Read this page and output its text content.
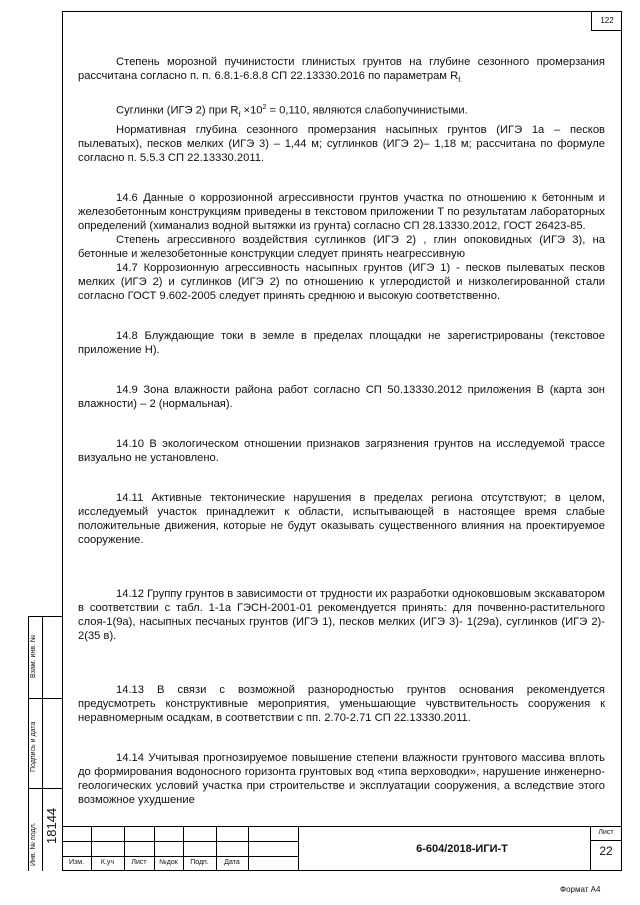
122

Степень морозной пучинистости глинистых грунтов на глубине сезонного промерзания рассчитана согласно п. п. 6.8.1-6.8.8 СП 22.13330.2016 по параметрам $R_{f.}$

Суглинки (ИГЭ 2) при $R_f \times 10^2 = 0,110$, являются слабопучинистыми.

Нормативная глубина сезонного промерзания насыпных грунтов (ИГЭ 1а – песков пылеватых), песков мелких (ИГЭ 3) – 1,44 м; суглинков (ИГЭ 2)– 1,18 м; рассчитана по формуле согласно п. 5.5.3 СП 22.13330.2011.

14.6 Данные о коррозионной агрессивности грунтов участка по отношению к бетонным и железобетонным конструкциям приведены в текстовом приложении Т по результатам лабораторных определений (химанализ водной вытяжки из грунта) согласно СП 28.13330.2012, ГОСТ 26423-85.

Степень агрессивного воздействия суглинков (ИГЭ 2) , глин опоковидных (ИГЭ 3), на бетонные и железобетонные конструкции следует принять неагрессивную

14.7 Коррозионную агрессивность насыпных грунтов (ИГЭ 1) - песков пылеватых песков мелких (ИГЭ 2) и суглинков (ИГЭ 2) по отношению к углеродистой и низколегированной стали согласно ГОСТ 9.602-2005 следует принять среднюю и высокую соответственно.

14.8 Блуждающие токи в земле в пределах площадки не зарегистрированы (текстовое приложение Н).

14.9 Зона влажности района работ согласно СП 50.13330.2012 приложения В (карта зон влажности) – 2 (нормальная).

14.10 В экологическом отношении признаков загрязнения грунтов на исследуемой трассе визуально не установлено.

14.11 Активные тектонические нарушения в пределах региона отсутствуют; в целом, исследуемый участок принадлежит к области, испытывающей в настоящее время слабые положительные движения, которые не будут оказывать существенного влияния на проектируемое сооружение.

14.12 Группу грунтов в зависимости от трудности их разработки одноковшовым экскаватором в соответствии с табл. 1-1а ГЭСН-2001-01 рекомендуется принять: для почвенно-растительного слоя-1(9а), насыпных песчаных грунтов (ИГЭ 1), песков мелких (ИГЭ 3)- 1(29а), суглинков (ИГЭ 2)- 2(35 в).

14.13 В связи с возможной разнородностью грунтов основания рекомендуется предусмотреть конструктивные мероприятия, уменьшающие чувствительность сооружения к неравномерным осадкам, в соответствии с пп. 2.70-2.71 СП 22.13330.2011.

14.14 Учитывая прогнозируемое повышение степени влажности грунтового массива вплоть до формирования водоносного горизонта грунтовых вод «типа верховодки», нарушение инженерно-геологических условий участка при строительстве и эксплуатации сооружения, а вследствие этого возможное ухудшение

Взам. инв. №
Подпись и дата
Инв. № подл. 18144
Изм.	К.уч	Лист	№док	Подп.	Дата
6-604/2018-ИГИ-Т
Лист
22
Формат А4
